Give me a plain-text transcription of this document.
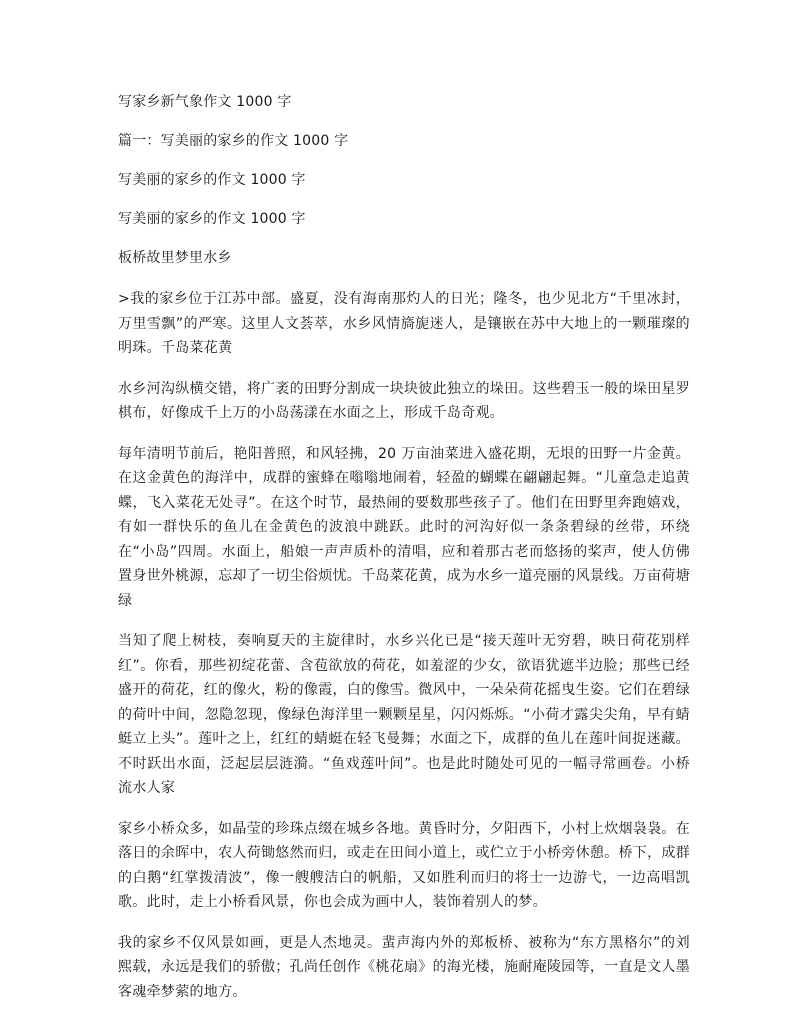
写家乡新气象作文 1000 字
篇一：写美丽的家乡的作文 1000 字
写美丽的家乡的作文 1000 字
写美丽的家乡的作文 1000 字
板桥故里梦里水乡

>我的家乡位于江苏中部。盛夏，没有海南那灼人的日光；隆冬，也少见北方“千里冰封，万里雪飘”的严寒。这里人文荟萃，水乡风情旖旎迷人，是镶嵌在苏中大地上的一颗璀璨的明珠。千岛菜花黄

水乡河沟纵横交错，将广袤的田野分割成一块块彼此独立的垛田。这些碧玉一般的垛田星罗棋布，好像成千上万的小岛荡漾在水面之上，形成千岛奇观。

每年清明节前后，艳阳普照，和风轻拂，20 万亩油菜进入盛花期，无垠的田野一片金黄。在这金黄色的海洋中，成群的蜜蜂在嗡嗡地闹着，轻盈的蝴蝶在翩翩起舞。“儿童急走追黄蝶，飞入菜花无处寻”。在这个时节，最热闹的要数那些孩子了。他们在田野里奔跑嬉戏，有如一群快乐的鱼儿在金黄色的波浪中跳跃。此时的河沟好似一条条碧绿的丝带，环绕在“小岛”四周。水面上，船娘一声声质朴的清唱，应和着那古老而悠扬的桨声，使人仿佛置身世外桃源，忘却了一切尘俗烦忧。千岛菜花黄，成为水乡一道亮丽的风景线。万亩荷塘绿

当知了爬上树枝，奏响夏天的主旋律时，水乡兴化已是“接天莲叶无穷碧，映日荷花别样红”。你看，那些初绽花蕾、含苞欲放的荷花，如羞涩的少女，欲语犹遮半边脸；那些已经盛开的荷花，红的像火，粉的像霞，白的像雪。微风中，一朵朵荷花摇曳生姿。它们在碧绿的荷叶中间，忽隐忽现，像绿色海洋里一颗颗星星，闪闪烁烁。“小荷才露尖尖角，早有蜻蜓立上头”。莲叶之上，红红的蜻蜓在轻飞曼舞；水面之下，成群的鱼儿在莲叶间捉迷藏。不时跃出水面，泛起层层涟漪。“鱼戏莲叶间”。也是此时随处可见的一幅寻常画卷。小桥流水人家

家乡小桥众多，如晶莹的珍珠点缀在城乡各地。黄昏时分，夕阳西下，小村上炊烟袅袅。在落日的余晖中，农人荷锄悠然而归，或走在田间小道上，或伫立于小桥旁休憩。桥下，成群的白鹅“红掌拨清波”，像一艘艘洁白的帆船，又如胜利而归的将士一边游弋，一边高唱凯歌。此时，走上小桥看风景，你也会成为画中人，装饰着别人的梦。

我的家乡不仅风景如画，更是人杰地灵。蜚声海内外的郑板桥、被称为“东方黑格尔”的刘熙载，永远是我们的骄傲；孔尚任创作《桃花扇》的海光楼，施耐庵陵园等，一直是文人墨客魂牵梦萦的地方。
